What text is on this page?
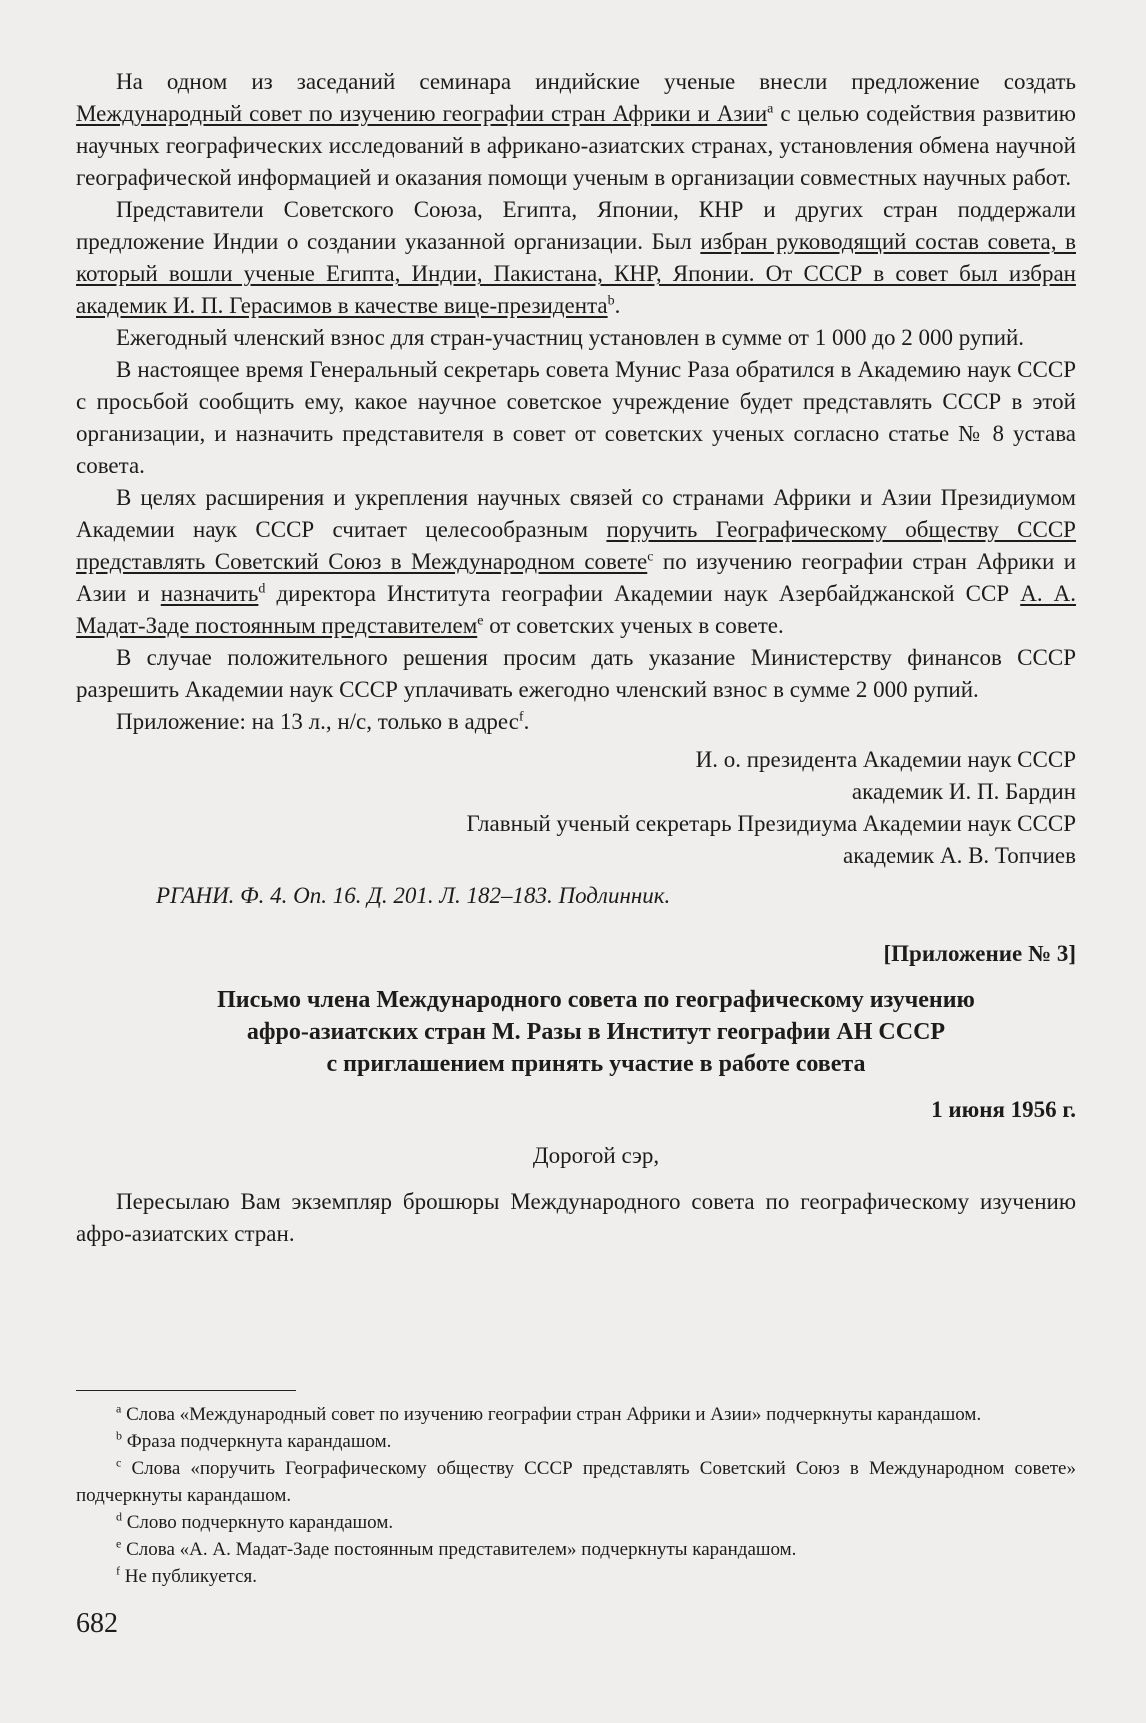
На одном из заседаний семинара индийские ученые внесли предложение создать Международный совет по изучению географии стран Африки и Азии$^a$ с целью содействия развитию научных географических исследований в африкано-азиатских странах, установления обмена научной географической информацией и оказания помощи ученым в организации совместных научных работ.

Представители Советского Союза, Египта, Японии, КНР и других стран поддержали предложение Индии о создании указанной организации. Был избран руководящий состав совета, в который вошли ученые Египта, Индии, Пакистана, КНР, Японии. От СССР в совет был избран академик И. П. Герасимов в качестве вице-президента$^b$.

Ежегодный членский взнос для стран-участниц установлен в сумме от 1 000 до 2 000 рупий.

В настоящее время Генеральный секретарь совета Мунис Раза обратился в Академию наук СССР с просьбой сообщить ему, какое научное советское учреждение будет представлять СССР в этой организации, и назначить представителя в совет от советских ученых согласно статье № 8 устава совета.

В целях расширения и укрепления научных связей со странами Африки и Азии Президиумом Академии наук СССР считает целесообразным поручить Географическому обществу СССР представлять Советский Союз в Международном совете$^c$ по изучению географии стран Африки и Азии и назначить$^d$ директора Института географии Академии наук Азербайджанской ССР А. А. Мадат-Заде постоянным представителем$^e$ от советских ученых в совете.

В случае положительного решения просим дать указание Министерству финансов СССР разрешить Академии наук СССР уплачивать ежегодно членский взнос в сумме 2 000 рупий.

Приложение: на 13 л., н/с, только в адрес$^f$.

И. о. президента Академии наук СССР

академик И. П. Бардин

Главный ученый секретарь Президиума Академии наук СССР

академик А. В. Топчиев

РГАНИ. Ф. 4. Оп. 16. Д. 201. Л. 182–183. Подлинник.

[Приложение № 3]

Письмо члена Международного совета по географическому изучению

афро-азиатских стран М. Разы в Институт географии АН СССР

с приглашением принять участие в работе совета

1 июня 1956 г.

Дорогой сэр,

Пересылаю Вам экземпляр брошюры Международного совета по географическому изучению афро-азиатских стран.

$^a$ Слова «Международный совет по изучению географии стран Африки и Азии» подчеркнуты карандашом.

$^b$ Фраза подчеркнута карандашом.

$^c$ Слова «поручить Географическому обществу СССР представлять Советский Союз в Международном совете» подчеркнуты карандашом.

$^d$ Слово подчеркнуто карандашом.

$^e$ Слова «А. А. Мадат-Заде постоянным представителем» подчеркнуты карандашом.

$^f$ Не публикуется.

682
